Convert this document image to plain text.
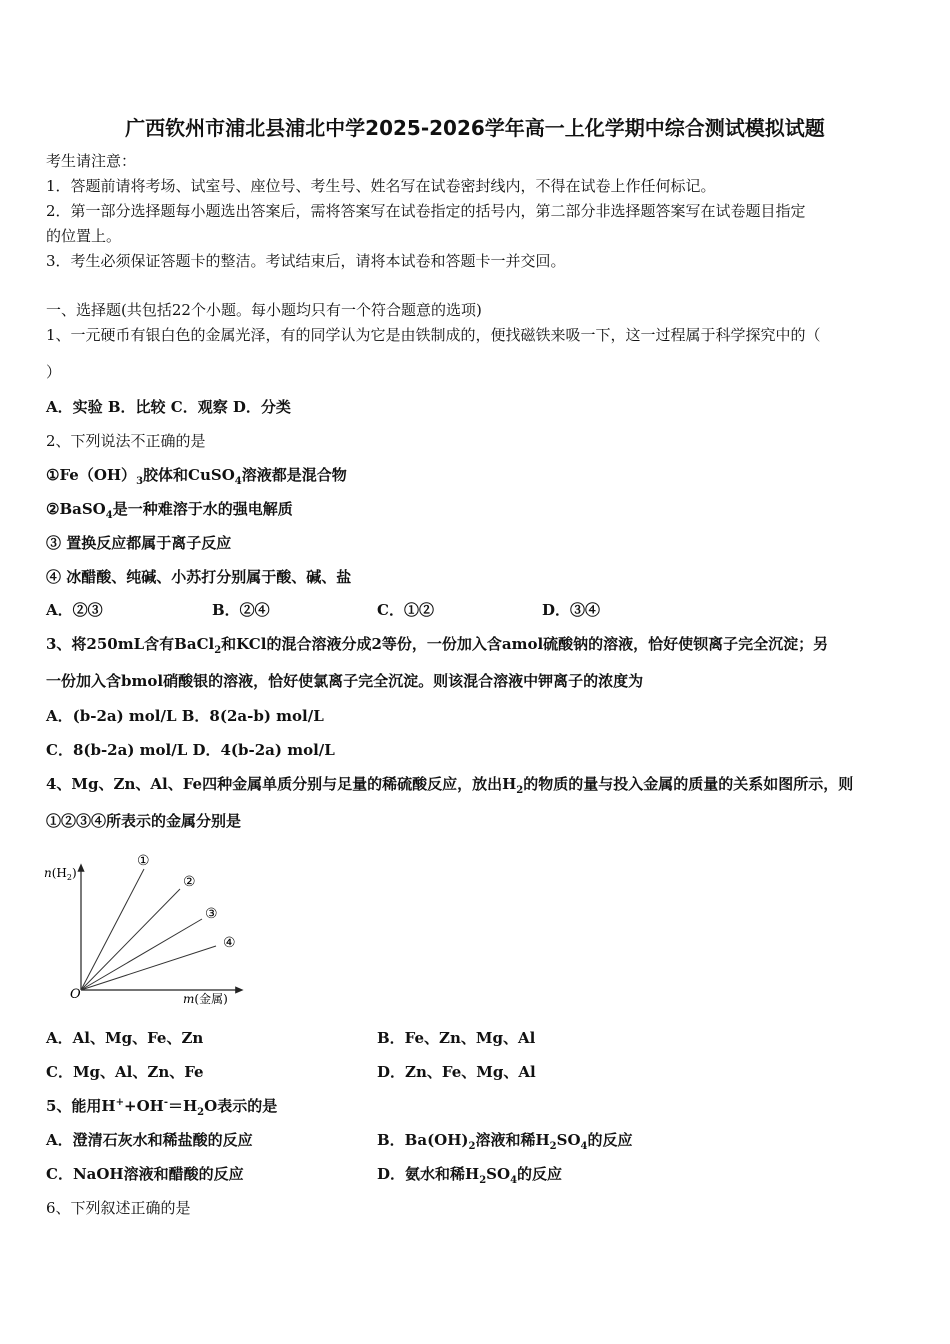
广西钦州市浦北县浦北中学2025-2026学年高一上化学期中综合测试模拟试题
考生请注意：
1．答题前请将考场、试室号、座位号、考生号、姓名写在试卷密封线内，不得在试卷上作任何标记。
2．第一部分选择题每小题选出答案后，需将答案写在试卷指定的括号内，第二部分非选择题答案写在试卷题目指定
的位置上。
3．考生必须保证答题卡的整洁。考试结束后，请将本试卷和答题卡一并交回。
一、选择题(共包括22个小题。每小题均只有一个符合题意的选项)
1、一元硬币有银白色的金属光泽，有的同学认为它是由铁制成的，便找磁铁来吸一下，这一过程属于科学探究中的（
）
A．实验 B．比较 C．观察 D．分类
2、下列说法不正确的是
$①Fe(OH)_3$胶体和CuSO$_4$溶液都是混合物
②BaSO$_4$是一种难溶于水的强电解质
③ 置换反应都属于离子反应
④ 冰醋酸、纯碱、小苏打分别属于酸、碱、盐
A．②③	B．②④	C．①②	D．③④
3、将250mL含有BaCl$_2$和KCl的混合溶液分成2等份，一份加入含amol硫酸钠的溶液，恰好使钡离子完全沉淀；另
一份加入含bmol硝酸银的溶液，恰好使氯离子完全沉淀。则该混合溶液中钾离子的浓度为
A．(b-2a) mol/L B．8(2a-b) mol/L
C．8(b-2a) mol/L D．4(b-2a) mol/L
4、Mg、Zn、Al、Fe四种金属单质分别与足量的稀硫酸反应，放出$H_2$的物质的量与投入金属的质量的关系如图所示，则
①②③④所表示的金属分别是
$n(H_2)$
m(金属)
O
①
②
③
④
A．Al、Mg、Fe、Zn	B．Fe、Zn、Mg、Al
C．Mg、Al、Zn、Fe	D．Zn、Fe、Mg、Al
5、能用$H^++OH^-=H_2O$表示的是
A．澄清石灰水和稀盐酸的反应	B．$Ba(OH)_2$溶液和稀$H_2SO_4$的反应
C．NaOH溶液和醋酸的反应	D．氨水和稀$H_2SO_4$的反应
6、下列叙述正确的是
